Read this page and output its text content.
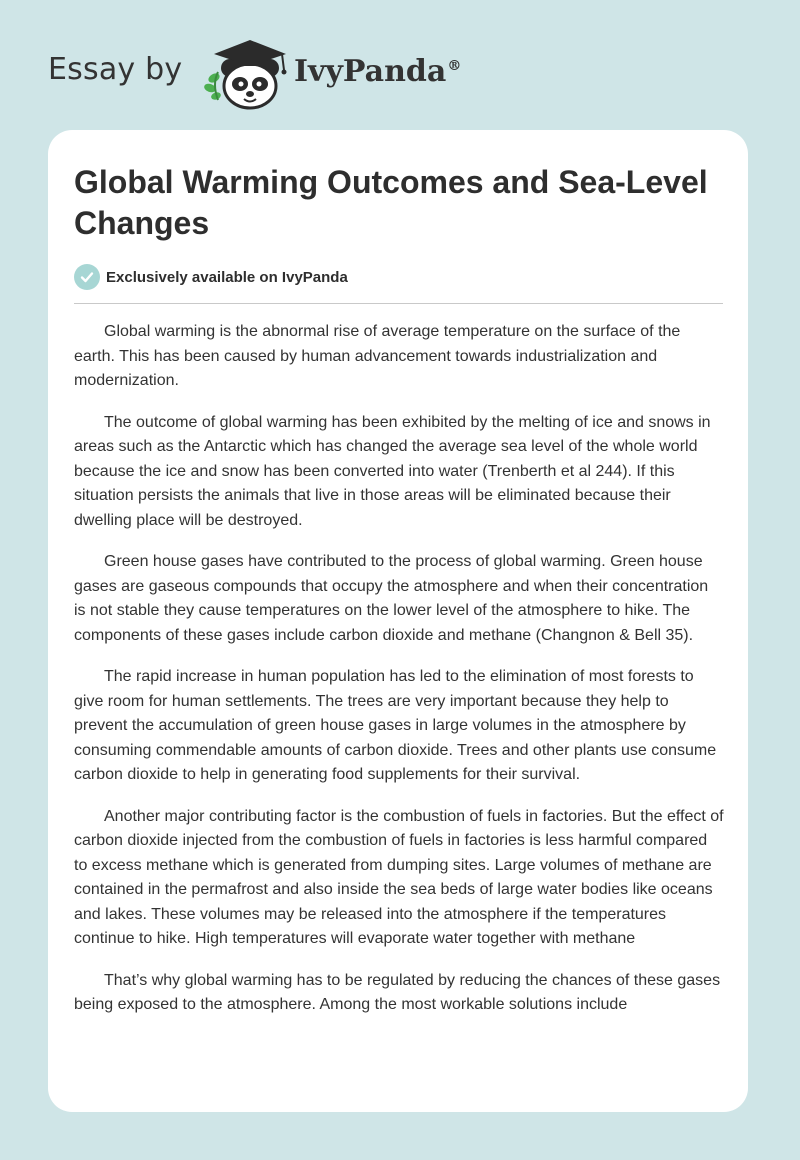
Essay by	IvyPanda®
Global Warming Outcomes and Sea-Level Changes
Exclusively available on IvyPanda

Global warming is the abnormal rise of average temperature on the surface of the earth. This has been caused by human advancement towards industrialization and modernization.

The outcome of global warming has been exhibited by the melting of ice and snows in areas such as the Antarctic which has changed the average sea level of the whole world because the ice and snow has been converted into water (Trenberth et al 244). If this situation persists the animals that live in those areas will be eliminated because their dwelling place will be destroyed.

Green house gases have contributed to the process of global warming. Green house gases are gaseous compounds that occupy the atmosphere and when their concentration is not stable they cause temperatures on the lower level of the atmosphere to hike. The components of these gases include carbon dioxide and methane (Changnon & Bell 35).

The rapid increase in human population has led to the elimination of most forests to give room for human settlements. The trees are very important because they help to prevent the accumulation of green house gases in large volumes in the atmosphere by consuming commendable amounts of carbon dioxide. Trees and other plants use consume carbon dioxide to help in generating food supplements for their survival.

Another major contributing factor is the combustion of fuels in factories. But the effect of carbon dioxide injected from the combustion of fuels in factories is less harmful compared to excess methane which is generated from dumping sites. Large volumes of methane are contained in the permafrost and also inside the sea beds of large water bodies like oceans and lakes. These volumes may be released into the atmosphere if the temperatures continue to hike. High temperatures will evaporate water together with methane

That’s why global warming has to be regulated by reducing the chances of these gases being exposed to the atmosphere. Among the most workable solutions include
